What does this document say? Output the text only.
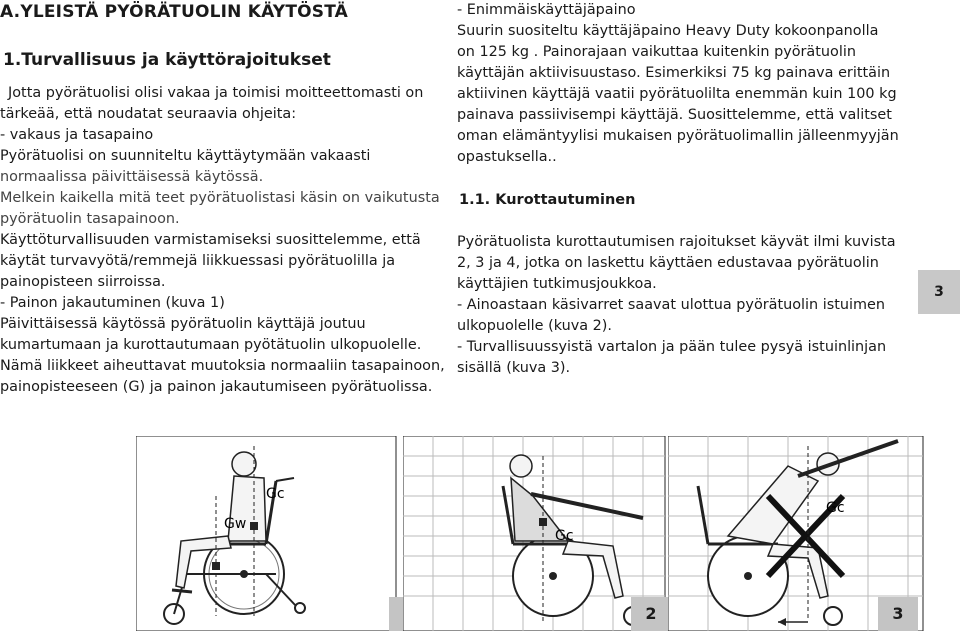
A.YLEISTÄ PYÖRÄTUOLIN KÄYTÖSTÄ
1.Turvallisuus ja käyttörajoitukset
Jotta pyörätuolisi olisi vakaa ja toimisi moitteettomasti on
tärkeää, että noudatat seuraavia ohjeita:
- vakaus ja tasapaino
Pyörätuolisi on suunniteltu käyttäytymään vakaasti
normaalissa päivittäisessä käytössä.
Melkein kaikella mitä teet pyörätuolistasi käsin on vaikutusta
pyörätuolin tasapainoon.
Käyttöturvallisuuden varmistamiseksi suosittelemme, että
käytät turvavyötä/remmejä liikkuessasi pyörätuolilla ja
painopisteen siirroissa.
- Painon jakautuminen (kuva 1)
Päivittäisessä käytössä pyörätuolin käyttäjä joutuu
kumartumaan ja kurottautumaan pyötätuolin ulkopuolelle.
Nämä liikkeet aiheuttavat muutoksia normaaliin tasapainoon,
painopisteeseen (G) ja painon jakautumiseen pyörätuolissa.
- Enimmäiskäyttäjäpaino
Suurin suositeltu käyttäjäpaino Heavy Duty kokoonpanolla
on 125 kg . Painorajaan vaikuttaa kuitenkin pyörätuolin
käyttäjän aktiivisuustaso. Esimerkiksi 75 kg painava erittäin
aktiivinen käyttäjä vaatii pyörätuolilta enemmän kuin 100 kg
painava passiivisempi käyttäjä. Suosittelemme, että valitset
oman elämäntyylisi mukaisen pyörätuolimallin jälleenmyyjän
opastuksella..
1.1. Kurottautuminen
Pyörätuolista kurottautumisen rajoitukset käyvät ilmi kuvista
2, 3 ja 4, jotka on laskettu käyttäen edustavaa pyörätuolin
käyttäjien tutkimusjoukkoa.
- Ainoastaan käsivarret saavat ulottua pyörätuolin istuimen
ulkopuolelle (kuva 2).
- Turvallisuussyistä vartalon ja pään tulee pysyä istuinlinjan
sisällä (kuva 3).
3
Gc
Gw
Gc
2
Gc
3
